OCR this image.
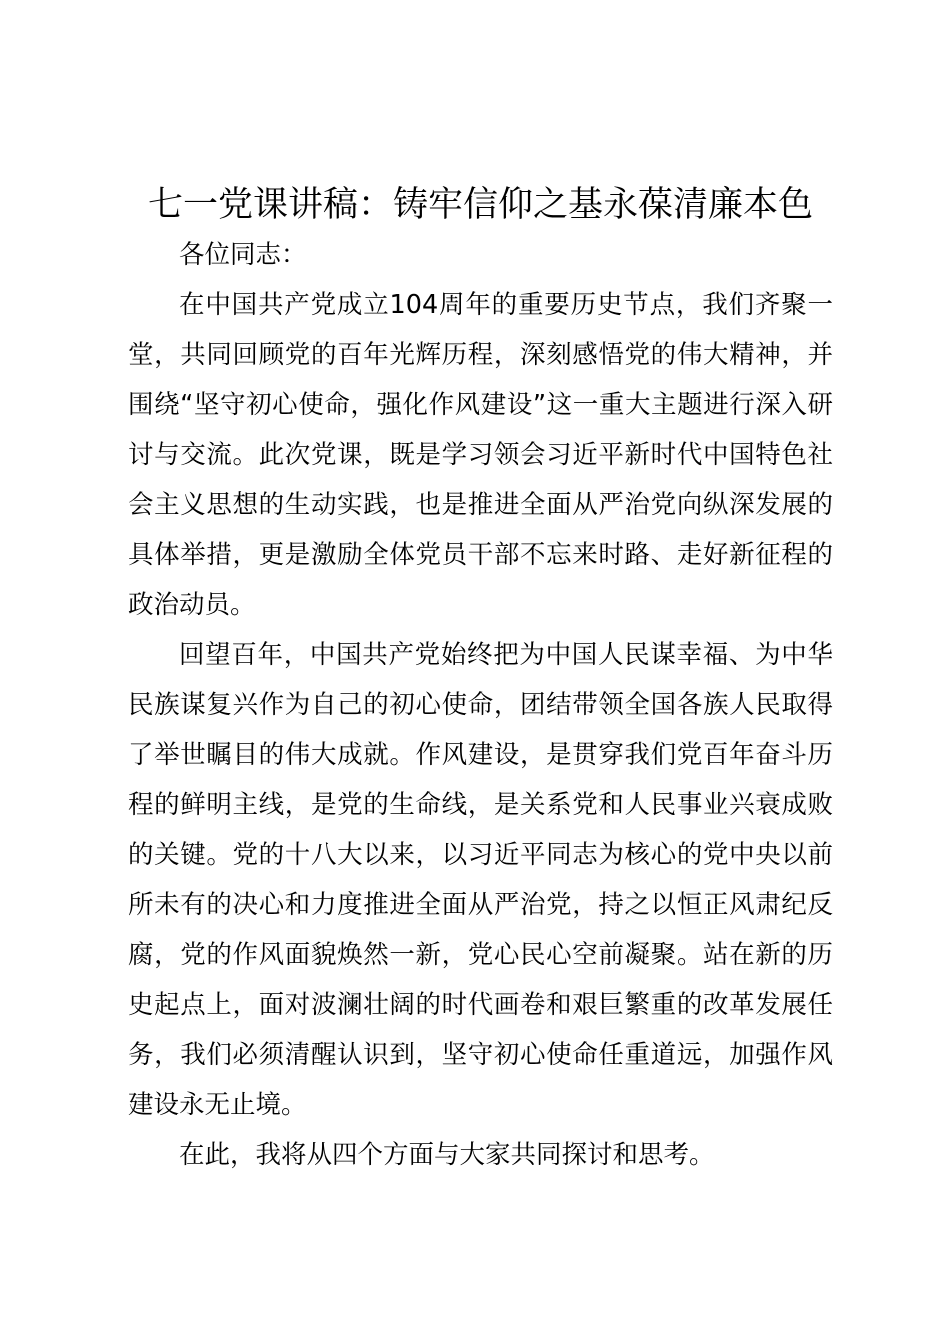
七一党课讲稿：铸牢信仰之基永葆清廉本色

各位同志：

在中国共产党成立104周年的重要历史节点，我们齐聚一堂，共同回顾党的百年光辉历程，深刻感悟党的伟大精神，并围绕“坚守初心使命，强化作风建设”这一重大主题进行深入研讨与交流。此次党课，既是学习领会习近平新时代中国特色社会主义思想的生动实践，也是推进全面从严治党向纵深发展的具体举措，更是激励全体党员干部不忘来时路、走好新征程的政治动员。

回望百年，中国共产党始终把为中国人民谋幸福、为中华民族谋复兴作为自己的初心使命，团结带领全国各族人民取得了举世瞩目的伟大成就。作风建设，是贯穿我们党百年奋斗历程的鲜明主线，是党的生命线，是关系党和人民事业兴衰成败的关键。党的十八大以来，以习近平同志为核心的党中央以前所未有的决心和力度推进全面从严治党，持之以恒正风肃纪反腐，党的作风面貌焕然一新，党心民心空前凝聚。站在新的历史起点上，面对波澜壮阔的时代画卷和艰巨繁重的改革发展任务，我们必须清醒认识到，坚守初心使命任重道远，加强作风建设永无止境。

在此，我将从四个方面与大家共同探讨和思考。
